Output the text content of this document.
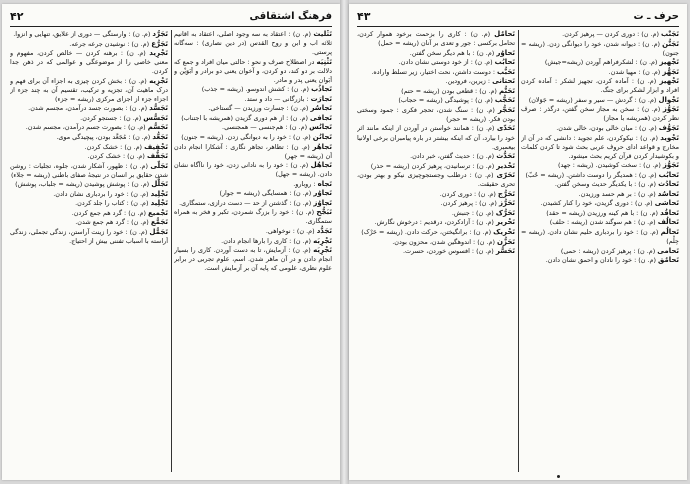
فرهنگ اشتقاقی
۴۲
تَثْلیث (م. ن) : اعتقاد به سه وجود اصلی، اعتقاد به اقانیم ثلاثه اب و ابن و روح القدس (در دین نصاری) : سه‌گانه پرستی.
تَثْنِیَه در اصطلاح صرف و نحو : حالتی میان افراد و جمع که دلالت بر دو کند، دو کردن، و آخوان یعنی دو برادر و اَبَوَیْن و اَبَوان یعنی پدر و مادر.
تَجاذُب (م. ن) : کشش اندوسو. (ریشه = جذب)
تَجارَت : بازرگانی — داد و ستد.
تَجاسُر (م. ن) : جسارت ورزیدن — گستاخی.
تَجافی (م. ن) : از هم دوری گزیدن (همریشه با اجتناب)
تَجانُس (م. ن) : هم‌جنسی — همجنسی.
تَجانُن (م. ن) : خود را به دیوانگی زدن. (ریشه = جنون)
تَجاهُر (م. ن) : تظاهر، تجاهر نگاری : آشکارا انجام دادن آن (ریشه = جهر)
تَجاهُل (م. ن) : خود را به نادانی زدن، خود را ناآگاه نشان دادن. (ریشه = جهل)
تَجاه : روبارو.
تَجاوُر (م. ن) : همسایگی (ریشه = جوار)
تَجاوُز (م. ن) : گذشتن از حد — دست درازی، ستمگاری.
تَبَجُّح (م. ن) : خود را بزرگ شمردن، تکبر و فخر به همراه ستمگاری.
تَجَدُّد (م. ن) : نوخواهی.
تَجْرِبَه (م. ن) : کاری را بارها انجام دادن.
تَجْرِیَه (م. ن) : آزمایش، تا به دست آوردن. کاری را بسیار انجام دادن و در آن ماهر شدن. اسم، علوم تجربی در برابر علوم نظری، علومی که پایه آن بر آزمایش است.
تَجَرُّد (م. ن) : وارستگی — دوری از علایق، تنهایی و انزوا.
تَجَرُّع (م. ن) : نوشیدن جرعه جرعه.
تَجْرِید (م. ن) : برهنه کردن — خالص کردن، مفهوم و معنی خاصی را از موضوعگی و عوالمی که در ذهن جدا کردن.
تَجْزِیه (م. ن) : بخش کردن چیزی به اجزاء آن برای فهم و درک ماهیت آن، تجزیه و ترکیب، تقسیم آن به چند جزء از اجزاء جزء از اجزای مرکزی (ریشه = جزء)
تَجَسُّد (م. ن) : بصورت جسد درآمدن، مجسم شدن.
تَجَسُّس (م. ن) : جستجو کردن.
تَجَسُّم (م. ن) : بصورت جسم درآمدن، مجسم شدن.
تَجَعُّد (م. ن) : مُجَعَّد بودن، پیچیدگی موی.
تَجْفیف (م. ن) : خشک کردن.
تَجَفُّف (م. ن) : خشک کردن.
تَجَلّی (م. ن) : ظهور، آشکار شدن، جلوه، تجلیات : روشن شدن حقایق بر انسان در نتیجهٔ صفای باطنی (ریشه = جلاء)
تَجَلُّل (م. ن) : پوشش پوشیدن (ریشه = جلباب، پوشش)
تَجْلِید (م. ن) : خود را بردباری نشان دادن.
تَجْلِید (م. ن) : کتاب را جلد کردن.
تَجْمیع (م. ن) : گرد هم جمع کردن.
تَجَمُّع (م. ن) : گرد هم جمع شدن.
تَجَمُّل (م. ن) : خود را زینت آراستن، زندگی تجملی، زندگی آراسته با اسباب تفننی بیش از احتیاج.
حرف ـ ت
۴۳
تَجَنُّب (م. ن) : دوری کردن — پرهیز کردن.
تَجَنُّن (م. ن) : دیوانه شدن، خود را دیوانگی زدن. (ریشه = جنون)
تَجْهیز (م. ن) : لشکرفراهم آوردن (ریشه=جیش)
تَجَهُّز (م. ن) : مهیا شدن.
تَجْهیز (م. ن) : آماده کردن، تجهیز لشکر : آماده کردن افراد و ابزار لشکر برای جنگ.
تَجْوال (م. ن) : گردش — سیر و سفر (ریشه = جَوَلان)
تَجَوُّز (م. ن) : سخن به مجاز سخن گفتن، درگذر : صرف نظر کردن (همریشه با مجاز)
تَجَوُّف (م. ن) : میان خالی بودن، خالی شدن.
تَجْوید (م. ن) : نیکوکردن، علم تجوید : دانشی که در آن از مخارج و قواعد ادای حروف عربی بحث شود تا کردن کلمات و بکوشیدار کردن قرآن کریم بحث میشود.
تَجَوُّز (م. ن) : سخت کوشیدن. (ریشه : جهد)
تَحابُب (م. ن) : همدیگر را دوست داشتن. (ریشه = حُبّ)
تَحادُث (م. ن) : با یکدیگر حدیث وسخن گفتن.
تَحاسُد (م. ن) : بر هم حسد ورزیدن.
تَحاشی (م. ن) : دوری گزیدن، خود را کنار کشیدن.
تَحاقُد (م. ن) : با هم کینه ورزیدن (ریشه = حقد)
تَحالُف (م. ن) : هم سوگند شدن (ریشه : حلف)
تَحالُم (م. ن) : خود را بردباری حلیم نشان دادن. (ریشه = حِلْم)
تَحامی (م. ن) : پرهیز کردن (ریشه : حمی)
تَحامُق (م. ن) : خود را نادان و احمق نشان دادن.
تَحامُل (م. ن) : کاری را بزحمت برخود هموار کردن، تحامل برکسی : جور و تعدی بر آنان (ریشه = حمل)
تَحاوُر (م. ن) : با هم دیگر سخن گفتن.
تَحابُب (م. ن) : از خود دوستی نشان دادن.
تَحَبُّب : دوست داشتن، نحت اختیار، زیر تسلط واراده.
تَحتانی : زیرین، فرودین.
تَحَتُّم (م. ن) : قطعی بودن (ریشه = حتم)
تَحَجُّب (م. ن) : پوشیدگی (ریشه = حجاب)
تَحَجُّر (م. ن) : سنگ شدن، تحجر فکری : جمود وسختی بودن فکر. (ریشه = حجر)
تَحَدّی (م. ن) : همانند خواستن در آوردن از اینکه مانند اثر خود را بیارد، آن که اینکه بیشتر در باره پیامبران برخی اولانیا بیعمبری.
تَحَدُّث (م. ن) : حدیث گفتن، خبر دادن.
تَحْذیر (م. ن) : ترسانیدن، پرهیز کردن (ریشه = حذر)
تَحَرّی (م. ن) : درطلب وجستجوچیزی نیکو و بهتر بودن، تحری حقیقت.
تَحَرُّج (م. ن) : دوری کردن.
تَحَرُّز (م. ن) : پرهیز کردن.
تَحَرُّک (م. ن) : جنبش.
تَحْریر (م. ن) : آزادکردن، درقدیم : درخوش نگارش.
تَحْریک (م. ن) : برانگیختن، حرکت دادن. (ریشه = حَرْک)
تَحَزُّن (م. ن) : اندوهگین شدن، محزون بودن.
تَحَسُّر (م. ن) : افسوس خوردن، حسرت.
